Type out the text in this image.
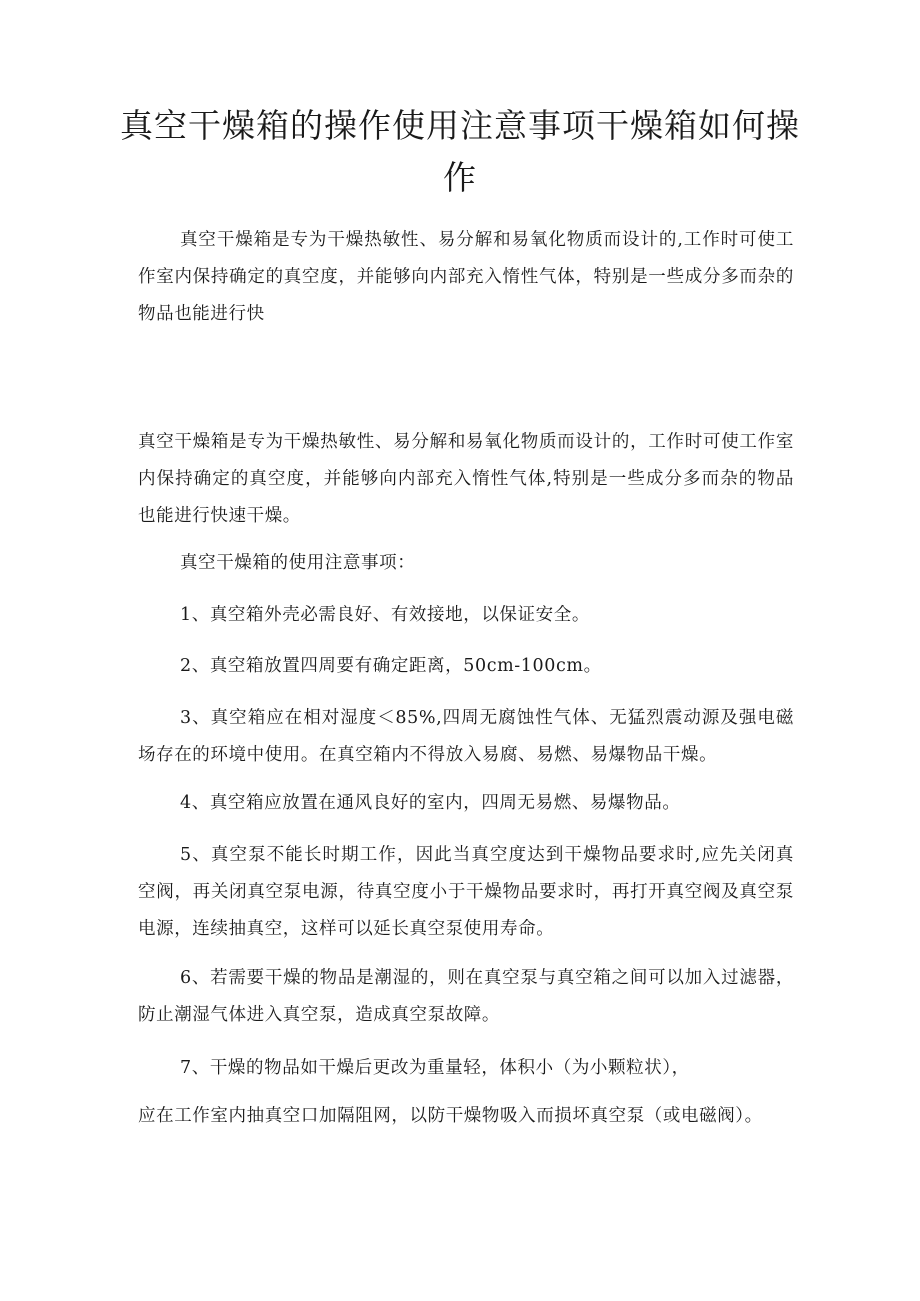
真空干燥箱的操作使用注意事项干燥箱如何操作

真空干燥箱是专为干燥热敏性、易分解和易氧化物质而设计的,工作时可使工作室内保持确定的真空度，并能够向内部充入惰性气体，特别是一些成分多而杂的物品也能进行快

真空干燥箱是专为干燥热敏性、易分解和易氧化物质而设计的，工作时可使工作室内保持确定的真空度，并能够向内部充入惰性气体,特别是一些成分多而杂的物品也能进行快速干燥。

真空干燥箱的使用注意事项：

1、真空箱外壳必需良好、有效接地，以保证安全。

2、真空箱放置四周要有确定距离，50cm-100cm。

3、真空箱应在相对湿度＜85%,四周无腐蚀性气体、无猛烈震动源及强电磁场存在的环境中使用。在真空箱内不得放入易腐、易燃、易爆物品干燥。

4、真空箱应放置在通风良好的室内，四周无易燃、易爆物品。

5、真空泵不能长时期工作，因此当真空度达到干燥物品要求时,应先关闭真空阀，再关闭真空泵电源，待真空度小于干燥物品要求时，再打开真空阀及真空泵电源，连续抽真空，这样可以延长真空泵使用寿命。

6、若需要干燥的物品是潮湿的，则在真空泵与真空箱之间可以加入过滤器，防止潮湿气体进入真空泵，造成真空泵故障。

7、干燥的物品如干燥后更改为重量轻，体积小（为小颗粒状），

应在工作室内抽真空口加隔阻网，以防干燥物吸入而损坏真空泵（或电磁阀）。
